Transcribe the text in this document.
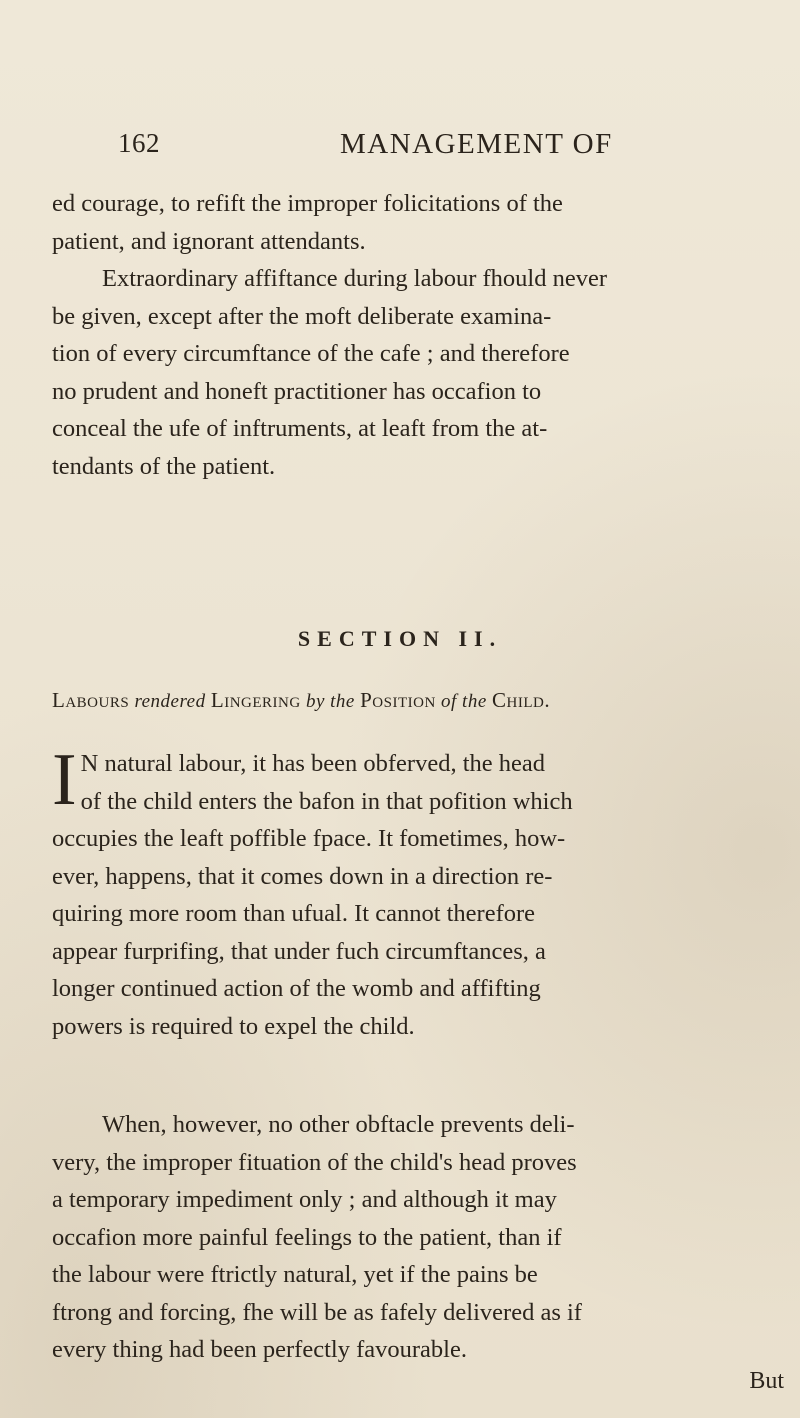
162	MANAGEMENT OF

ed courage, to refift the improper folicitations of the
patient, and ignorant attendants.
Extraordinary affiftance during labour fhould never
be given, except after the moft deliberate examina-
tion of every circumftance of the cafe ; and therefore
no prudent and honeft practitioner has occafion to
conceal the ufe of inftruments, at leaft from the at-
tendants of the patient.

SECTION II.

Labours rendered Lingering by the Position of the Child.

I N natural labour, it has been obferved, the head
of the child enters the bafon in that pofition which
occupies the leaft poffible fpace. It fometimes, how-
ever, happens, that it comes down in a direction re-
quiring more room than ufual. It cannot therefore
appear furprifing, that under fuch circumftances, a
longer continued action of the womb and affifting
powers is required to expel the child.

When, however, no other obftacle prevents deli-
very, the improper fituation of the child's head proves
a temporary impediment only ; and although it may
occafion more painful feelings to the patient, than if
the labour were ftrictly natural, yet if the pains be
ftrong and forcing, fhe will be as fafely delivered as if
every thing had been perfectly favourable.

But
